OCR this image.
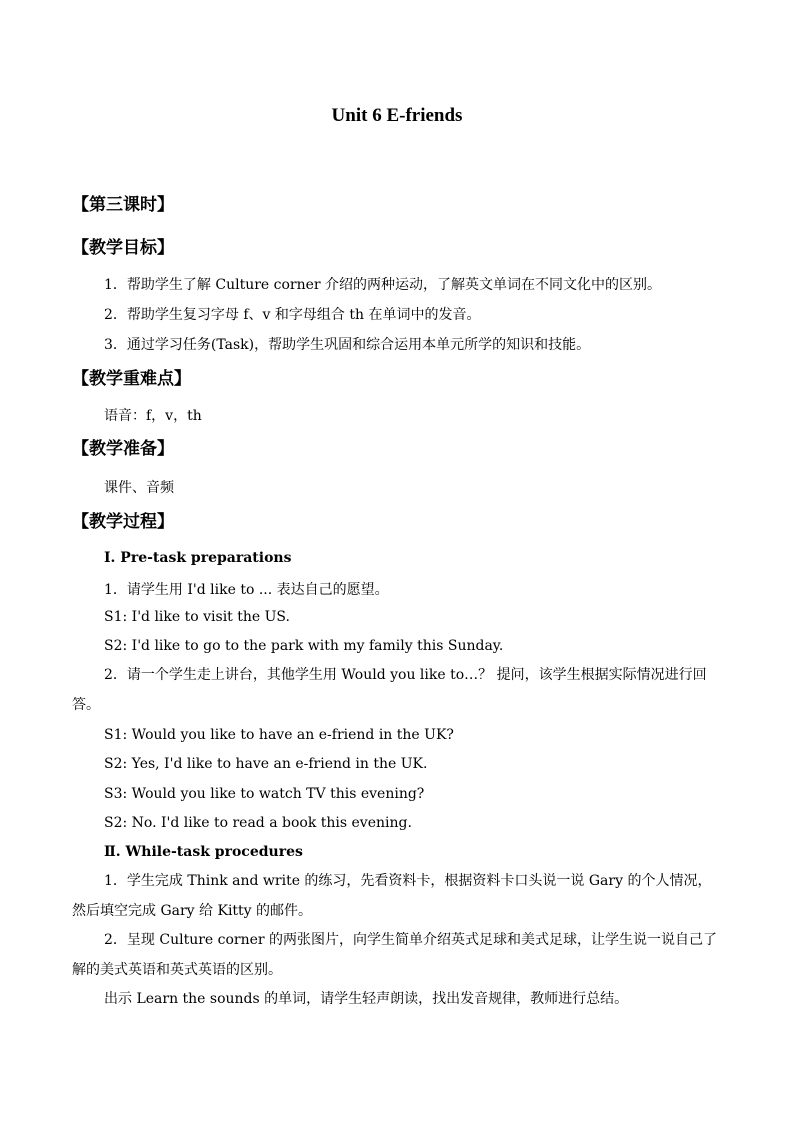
Unit 6 E-friends
【第三课时】
【教学目标】
1．帮助学生了解 Culture corner 介绍的两种运动，了解英文单词在不同文化中的区别。
2．帮助学生复习字母 f、v 和字母组合 th 在单词中的发音。
3．通过学习任务(Task)，帮助学生巩固和综合运用本单元所学的知识和技能。
【教学重难点】
语音：f，v，th
【教学准备】
课件、音频
【教学过程】
Ⅰ. Pre-task preparations
1．请学生用 I'd like to ... 表达自己的愿望。
S1: I'd like to visit the US.
S2: I'd like to go to the park with my family this Sunday.
2．请一个学生走上讲台，其他学生用 Would you like to…？ 提问，该学生根据实际情况进行回答。
S1: Would you like to have an e-friend in the UK?
S2: Yes, I'd like to have an e-friend in the UK.
S3: Would you like to watch TV this evening?
S2: No. I'd like to read a book this evening.
Ⅱ. While-task procedures
1．学生完成 Think and write 的练习，先看资料卡，根据资料卡口头说一说 Gary 的个人情况，然后填空完成 Gary 给 Kitty 的邮件。
2．呈现 Culture corner 的两张图片，向学生简单介绍英式足球和美式足球，让学生说一说自己了解的美式英语和英式英语的区别。
出示 Learn the sounds 的单词，请学生轻声朗读，找出发音规律，教师进行总结。
